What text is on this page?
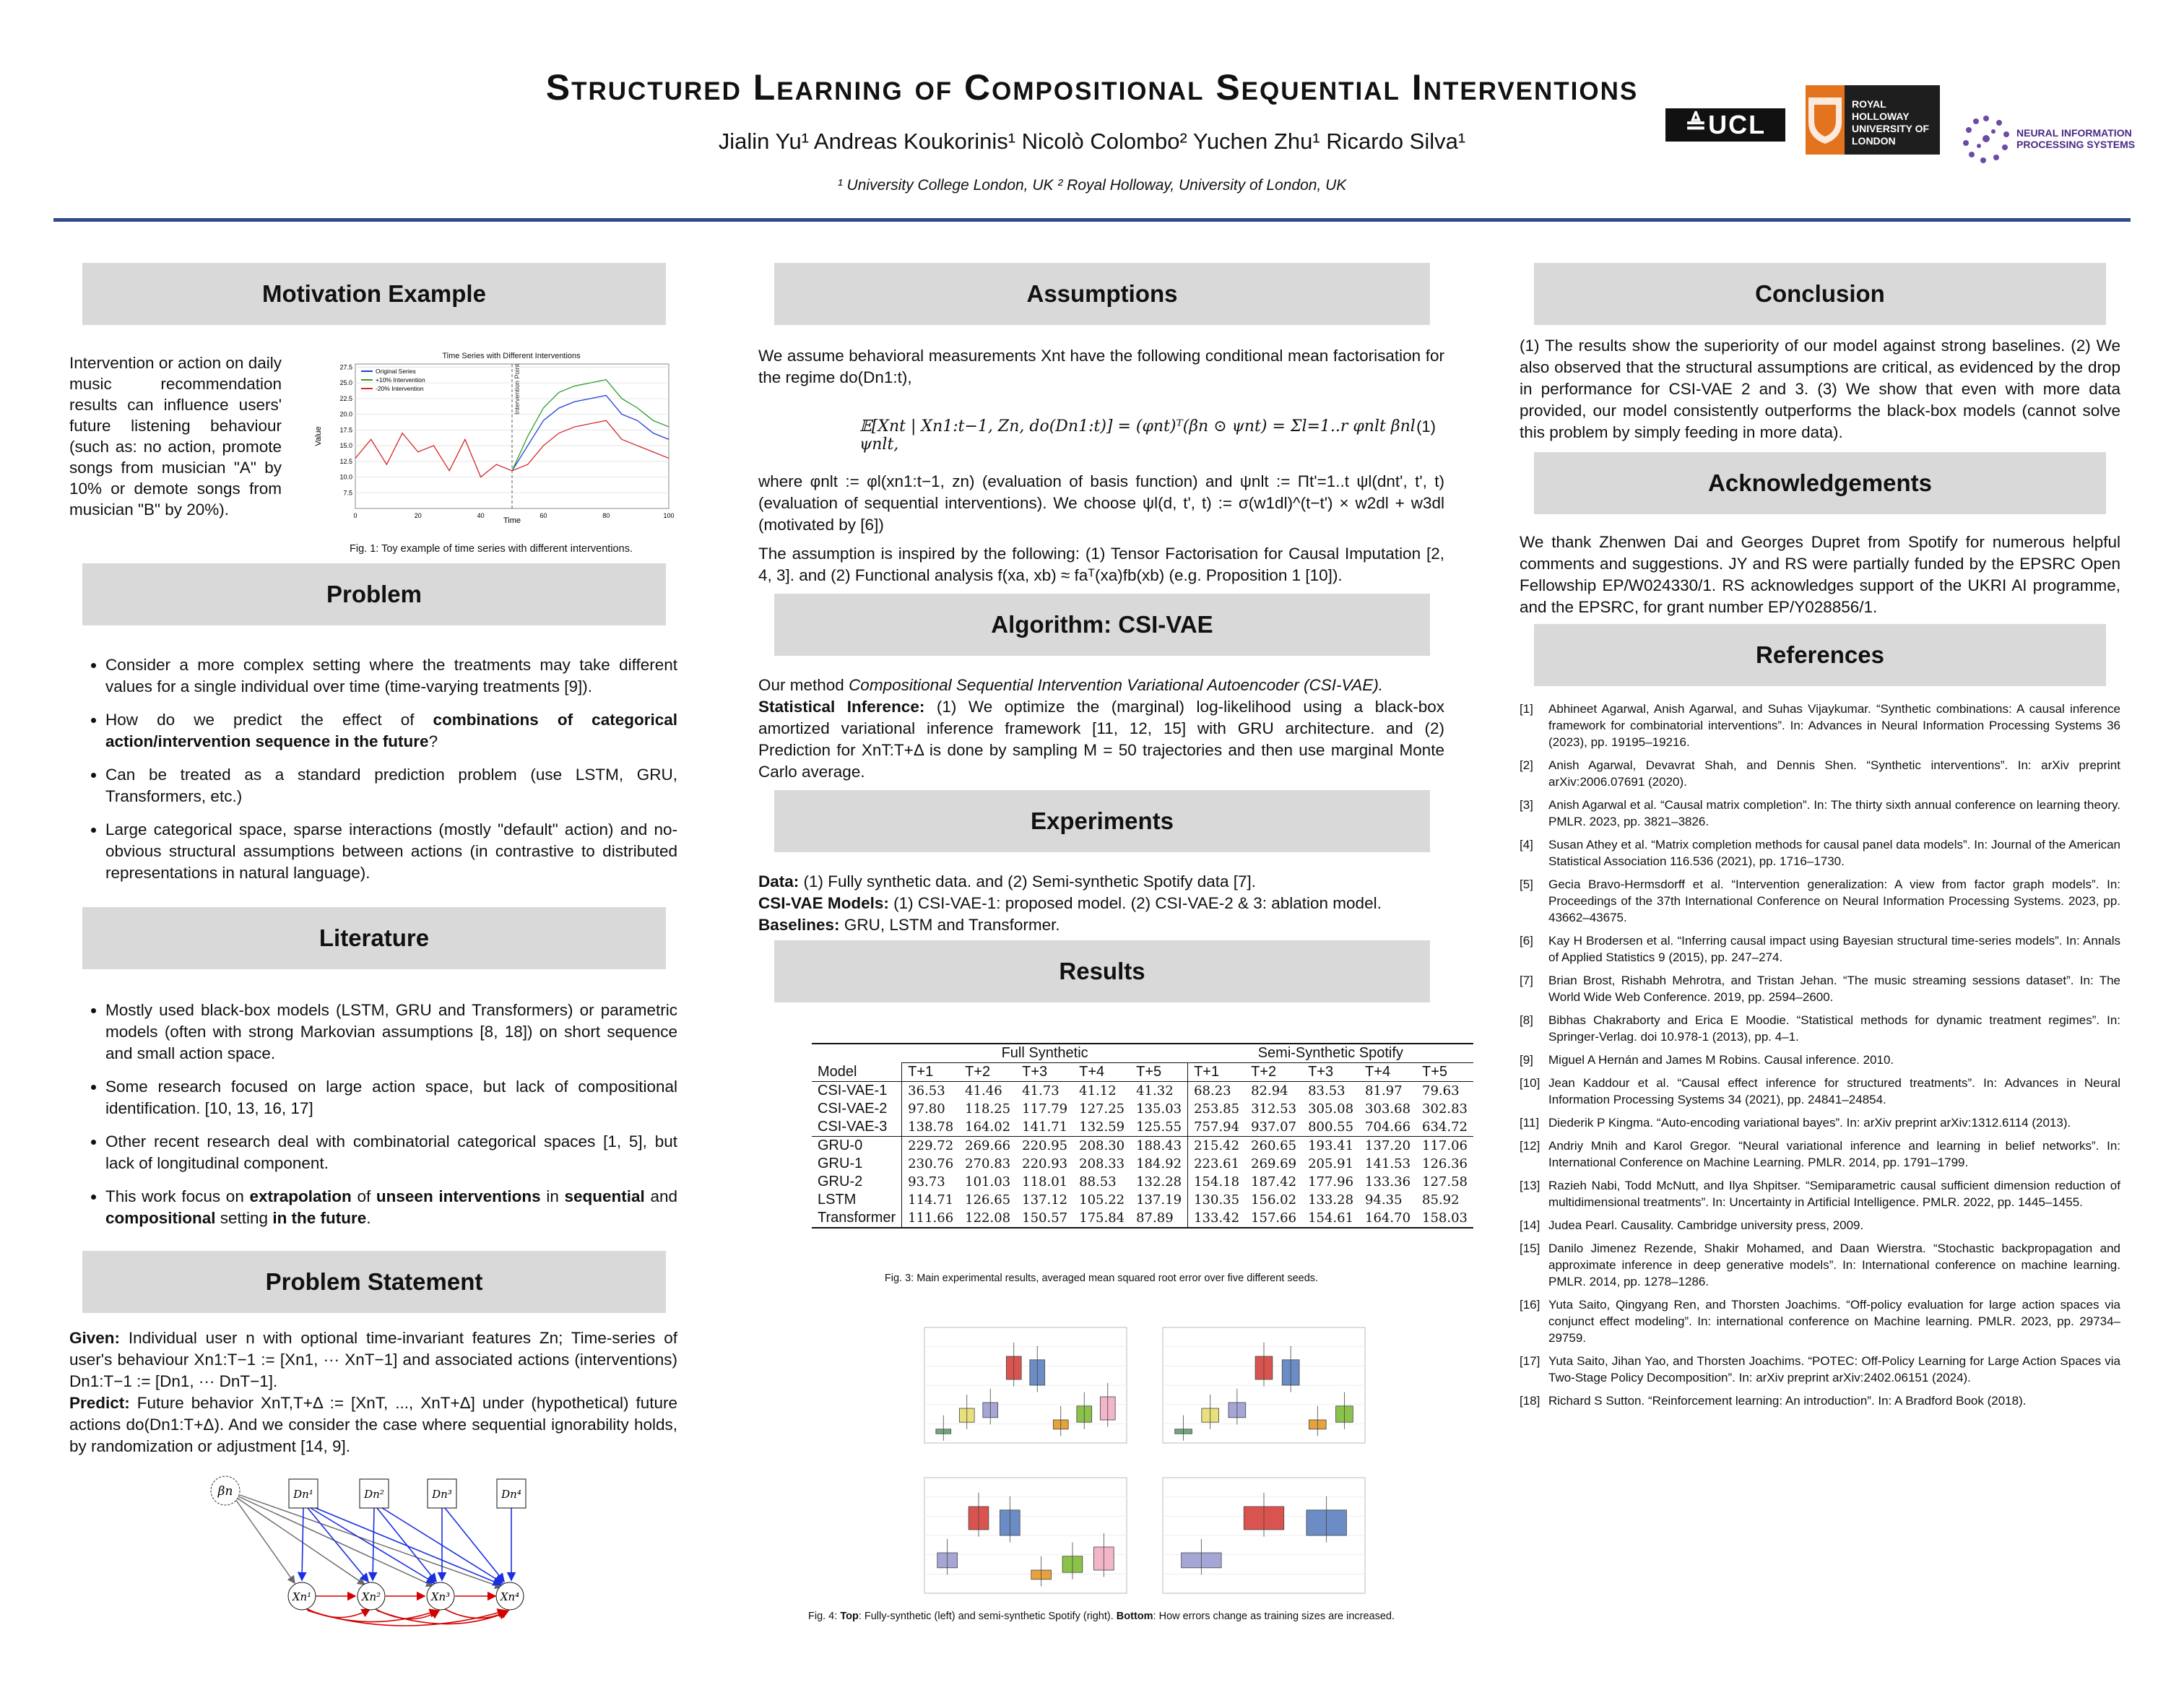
Structured Learning of Compositional Sequential Interventions
Jialin Yu¹ Andreas Koukorinis¹ Nicolò Colombo² Yuchen Zhu¹ Ricardo Silva¹
¹ University College London, UK ² Royal Holloway, University of London, UK
≜UCL
ROYAL HOLLOWAY UNIVERSITY OF LONDON
NEURAL INFORMATION PROCESSING SYSTEMS
Motivation Example
Intervention or action on daily music recommendation results can influence users' future listening behaviour (such as: no action, promote songs from musician "A" by 10% or demote songs from musician "B" by 20%).
Time Series with Different Interventions
7.5
10.0
12.5
15.0
17.5
20.0
22.5
25.0
27.5
0	20	40	60	80	100
Intervention Point
Original Series
+10% Intervention
-20% Intervention
Time
Value
Fig. 1: Toy example of time series with different interventions.
Problem
• Consider a more complex setting where the treatments may take different values for a single individual over time (time-varying treatments [9]).
• How do we predict the effect of combinations of categorical action/intervention sequence in the future?
• Can be treated as a standard prediction problem (use LSTM, GRU, Transformers, etc.)
• Large categorical space, sparse interactions (mostly "default" action) and no-obvious structural assumptions between actions (in contrastive to distributed representations in natural language).
Literature
• Mostly used black-box models (LSTM, GRU and Transformers) or parametric models (often with strong Markovian assumptions [8, 18]) on short sequence and small action space.
• Some research focused on large action space, but lack of compositional identification. [10, 13, 16, 17]
• Other recent research deal with combinatorial categorical spaces [1, 5], but lack of longitudinal component.
• This work focus on extrapolation of unseen interventions in sequential and compositional setting in the future.
Problem Statement

Given: Individual user n with optional time-invariant features Zn; Time-series of user's behaviour Xn1:T−1 := [Xn1, ··· XnT−1] and associated actions (interventions) Dn1:T−1 := [Dn1, ··· DnT−1].

Predict: Future behavior XnT,T+Δ := [XnT, ..., XnT+Δ] under (hypothetical) future actions do(Dn1:T+Δ). And we consider the case where sequential ignorability holds, by randomization or adjustment [14, 9].

βn	Dn¹	Dn²	Dn³	Dn⁴
Xn¹	Xn²	Xn³	Xn⁴
Assumptions
We assume behavioral measurements Xnt have the following conditional mean factorisation for the regime do(Dn1:t),
𝔼[Xnt | Xn1:t−1, Zn, do(Dn1:t)] = (φnt)ᵀ(βn ⊙ ψnt) = Σl=1..r φnlt βnl ψnlt,
(1)
where φnlt := φl(xn1:t−1, zn) (evaluation of basis function) and ψnlt := Πt'=1..t ψl(dnt', t', t) (evaluation of sequential interventions). We choose ψl(d, t', t) := σ(w1dl)^(t−t') × w2dl + w3dl (motivated by [6])
The assumption is inspired by the following: (1) Tensor Factorisation for Causal Imputation [2, 4, 3]. and (2) Functional analysis f(xa, xb) ≈ faᵀ(xa)fb(xb) (e.g. Proposition 1 [10]).
Algorithm: CSI-VAE

Our method Compositional Sequential Intervention Variational Autoencoder (CSI-VAE).

Statistical Inference: (1) We optimize the (marginal) log-likelihood using a black-box amortized variational inference framework [11, 12, 15] with GRU architecture. and (2) Prediction for XnT:T+Δ is done by sampling M = 50 trajectories and then use marginal Monte Carlo average.

Experiments

Data: (1) Fully synthetic data. and (2) Semi-synthetic Spotify data [7].

CSI-VAE Models: (1) CSI-VAE-1: proposed model. (2) CSI-VAE-2 & 3: ablation model.

Baselines: GRU, LSTM and Transformer.

Results
	Full Synthetic					Semi-Synthetic Spotify				
Model	T+1	T+2	T+3	T+4	T+5	T+1	T+2	T+3	T+4	T+5
CSI-VAE-1	36.53	41.46	41.73	41.12	41.32	68.23	82.94	83.53	81.97	79.63
CSI-VAE-2	97.80	118.25	117.79	127.25	135.03	253.85	312.53	305.08	303.68	302.83
CSI-VAE-3	138.78	164.02	141.71	132.59	125.55	757.94	937.07	800.55	704.66	634.72
GRU-0	229.72	269.66	220.95	208.30	188.43	215.42	260.65	193.41	137.20	117.06
GRU-1	230.76	270.83	220.93	208.33	184.92	223.61	269.69	205.91	141.53	126.36
GRU-2	93.73	101.03	118.01	88.53	132.28	154.18	187.42	177.96	133.36	127.58
LSTM	114.71	126.65	137.12	105.22	137.19	130.35	156.02	133.28	94.35	85.92
Transformer	111.66	122.08	150.57	175.84	87.89	133.42	157.66	154.61	164.70	158.03
Fig. 3: Main experimental results, averaged mean squared root error over five different seeds.
Fig. 4: Top: Fully-synthetic (left) and semi-synthetic Spotify (right). Bottom: How errors change as training sizes are increased.
Conclusion
(1) The results show the superiority of our model against strong baselines. (2) We also observed that the structural assumptions are critical, as evidenced by the drop in performance for CSI-VAE 2 and 3. (3) We show that even with more data provided, our model consistently outperforms the black-box models (cannot solve this problem by simply feeding in more data).
Acknowledgements
We thank Zhenwen Dai and Georges Dupret from Spotify for numerous helpful comments and suggestions. JY and RS were partially funded by the EPSRC Open Fellowship EP/W024330/1. RS acknowledges support of the UKRI AI programme, and the EPSRC, for grant number EP/Y028856/1.
References
[1]	Abhineet Agarwal, Anish Agarwal, and Suhas Vijaykumar. “Synthetic combinations: A causal inference framework for combinatorial interventions”. In: Advances in Neural Information Processing Systems 36 (2023), pp. 19195–19216.
[2]	Anish Agarwal, Devavrat Shah, and Dennis Shen. “Synthetic interventions”. In: arXiv preprint arXiv:2006.07691 (2020).
[3]	Anish Agarwal et al. “Causal matrix completion”. In: The thirty sixth annual conference on learning theory. PMLR. 2023, pp. 3821–3826.
[4]	Susan Athey et al. “Matrix completion methods for causal panel data models”. In: Journal of the American Statistical Association 116.536 (2021), pp. 1716–1730.
[5]	Gecia Bravo-Hermsdorff et al. “Intervention generalization: A view from factor graph models”. In: Proceedings of the 37th International Conference on Neural Information Processing Systems. 2023, pp. 43662–43675.
[6]	Kay H Brodersen et al. “Inferring causal impact using Bayesian structural time-series models”. In: Annals of Applied Statistics 9 (2015), pp. 247–274.
[7]	Brian Brost, Rishabh Mehrotra, and Tristan Jehan. “The music streaming sessions dataset”. In: The World Wide Web Conference. 2019, pp. 2594–2600.
[8]	Bibhas Chakraborty and Erica E Moodie. “Statistical methods for dynamic treatment regimes”. In: Springer-Verlag. doi 10.978-1 (2013), pp. 4–1.
[9]	Miguel A Hernán and James M Robins. Causal inference. 2010.
[10] Jean Kaddour et al. “Causal effect inference for structured treatments”. In: Advances in Neural Information Processing Systems 34 (2021), pp. 24841–24854.
[11] Diederik P Kingma. “Auto-encoding variational bayes”. In: arXiv preprint arXiv:1312.6114 (2013).
[12] Andriy Mnih and Karol Gregor. “Neural variational inference and learning in belief networks”. In: International Conference on Machine Learning. PMLR. 2014, pp. 1791–1799.
[13] Razieh Nabi, Todd McNutt, and Ilya Shpitser. “Semiparametric causal sufficient dimension reduction of multidimensional treatments”. In: Uncertainty in Artificial Intelligence. PMLR. 2022, pp. 1445–1455.
[14] Judea Pearl. Causality. Cambridge university press, 2009.
[15] Danilo Jimenez Rezende, Shakir Mohamed, and Daan Wierstra. “Stochastic backpropagation and approximate inference in deep generative models”. In: International conference on machine learning. PMLR. 2014, pp. 1278–1286.
[16] Yuta Saito, Qingyang Ren, and Thorsten Joachims. “Off-policy evaluation for large action spaces via conjunct effect modeling”. In: international conference on Machine learning. PMLR. 2023, pp. 29734–29759.
[17] Yuta Saito, Jihan Yao, and Thorsten Joachims. “POTEC: Off-Policy Learning for Large Action Spaces via Two-Stage Policy Decomposition”. In: arXiv preprint arXiv:2402.06151 (2024).
[18] Richard S Sutton. “Reinforcement learning: An introduction”. In: A Bradford Book (2018).
